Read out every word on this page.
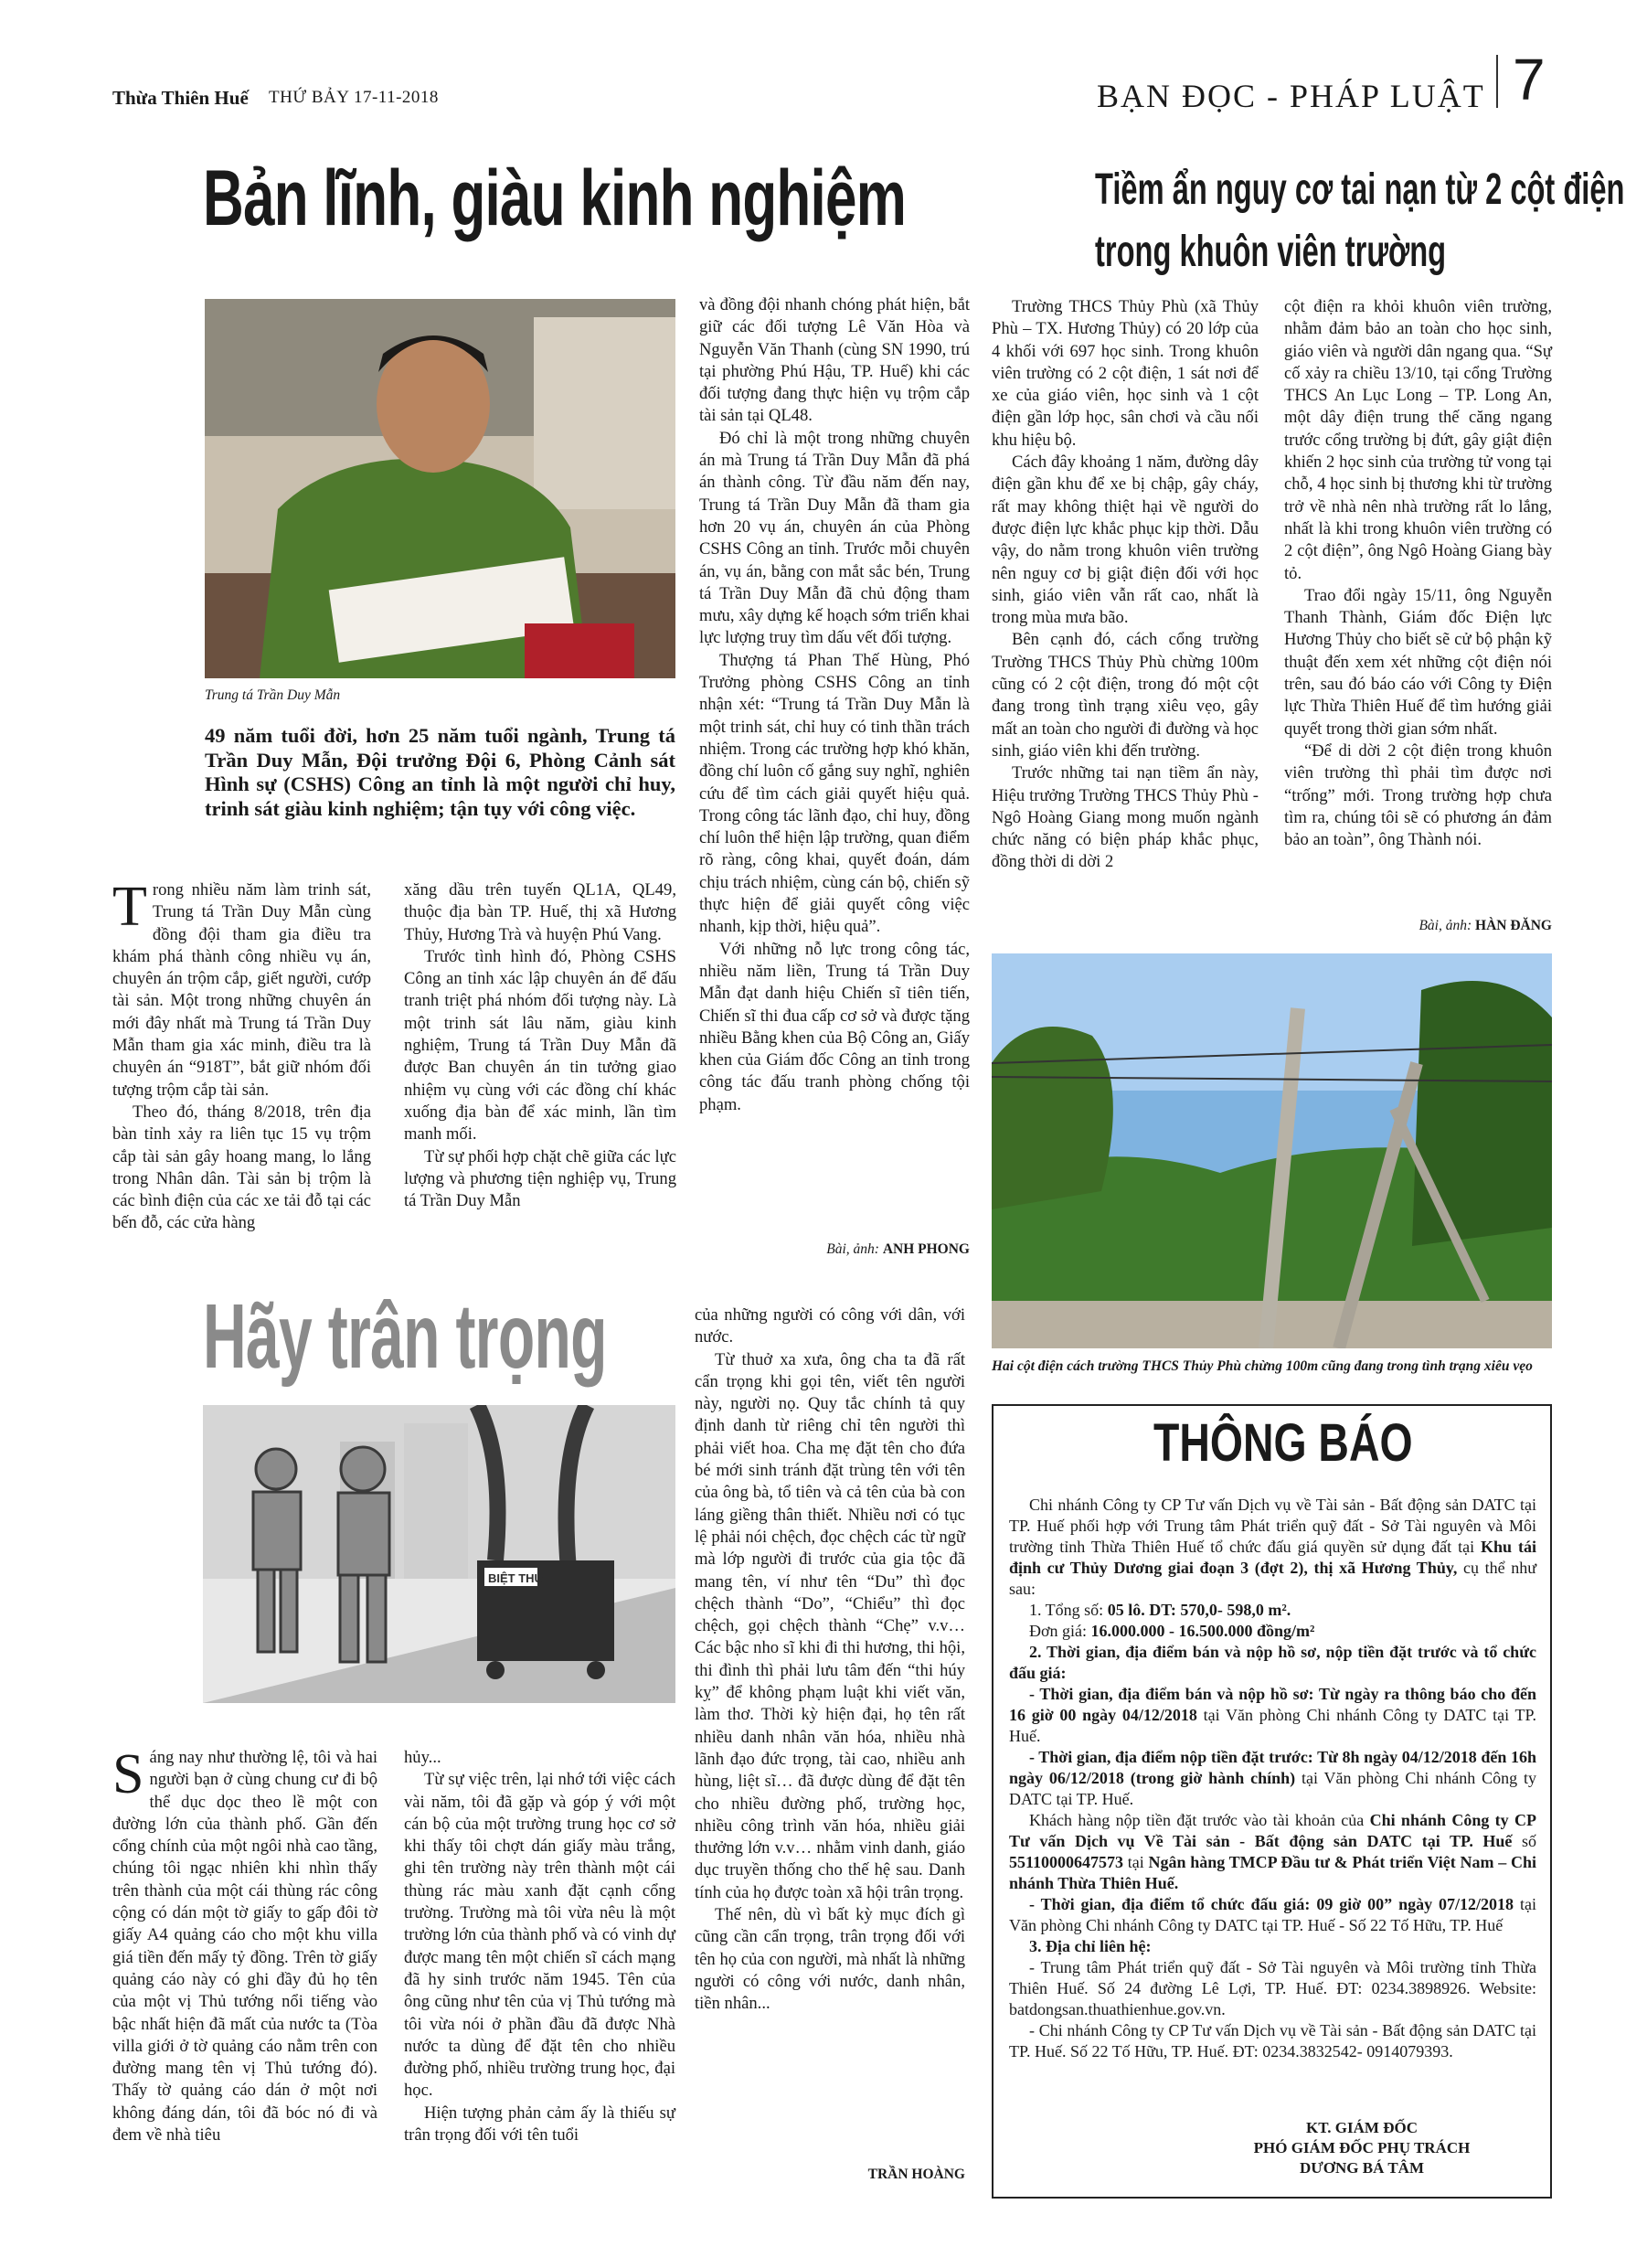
Thừa Thiên Huế THỨ BẢY 17-11-2018	BẠN ĐỌC - PHÁP LUẬT 7
Bản lĩnh, giàu kinh nghiệm
Trung tá Trần Duy Mẫn
49 năm tuổi đời, hơn 25 năm tuổi ngành, Trung tá Trần Duy Mẫn, Đội trưởng Đội 6, Phòng Cảnh sát Hình sự (CSHS) Công an tỉnh là một người chỉ huy, trinh sát giàu kinh nghiệm; tận tụy với công việc.

Trong nhiều năm làm trinh sát, Trung tá Trần Duy Mẫn cùng đồng đội tham gia điều tra khám phá thành công nhiều vụ án, chuyên án trộm cắp, giết người, cướp tài sản. Một trong những chuyên án mới đây nhất mà Trung tá Trần Duy Mẫn tham gia xác minh, điều tra là chuyên án “918T”, bắt giữ nhóm đối tượng trộm cắp tài sản.

Theo đó, tháng 8/2018, trên địa bàn tỉnh xảy ra liên tục 15 vụ trộm cắp tài sản gây hoang mang, lo lắng trong Nhân dân. Tài sản bị trộm là các bình điện của các xe tải đỗ tại các bến đỗ, các cửa hàng

xăng dầu trên tuyến QL1A, QL49, thuộc địa bàn TP. Huế, thị xã Hương Thủy, Hương Trà và huyện Phú Vang.

Trước tình hình đó, Phòng CSHS Công an tỉnh xác lập chuyên án để đấu tranh triệt phá nhóm đối tượng này. Là một trinh sát lâu năm, giàu kinh nghiệm, Trung tá Trần Duy Mẫn đã được Ban chuyên án tin tưởng giao nhiệm vụ cùng với các đồng chí khác xuống địa bàn để xác minh, lần tìm manh mối.

Từ sự phối hợp chặt chẽ giữa các lực lượng và phương tiện nghiệp vụ, Trung tá Trần Duy Mẫn

và đồng đội nhanh chóng phát hiện, bắt giữ các đối tượng Lê Văn Hòa và Nguyễn Văn Thanh (cùng SN 1990, trú tại phường Phú Hậu, TP. Huế) khi các đối tượng đang thực hiện vụ trộm cắp tài sản tại QL48.

Đó chỉ là một trong những chuyên án mà Trung tá Trần Duy Mẫn đã phá án thành công. Từ đầu năm đến nay, Trung tá Trần Duy Mẫn đã tham gia hơn 20 vụ án, chuyên án của Phòng CSHS Công an tỉnh. Trước mỗi chuyên án, vụ án, bằng con mắt sắc bén, Trung tá Trần Duy Mẫn đã chủ động tham mưu, xây dựng kế hoạch sớm triển khai lực lượng truy tìm dấu vết đối tượng.

Thượng tá Phan Thế Hùng, Phó Trưởng phòng CSHS Công an tỉnh nhận xét: “Trung tá Trần Duy Mẫn là một trinh sát, chỉ huy có tinh thần trách nhiệm. Trong các trường hợp khó khăn, đồng chí luôn cố gắng suy nghĩ, nghiên cứu để tìm cách giải quyết hiệu quả. Trong công tác lãnh đạo, chỉ huy, đồng chí luôn thể hiện lập trường, quan điểm rõ ràng, công khai, quyết đoán, dám chịu trách nhiệm, cùng cán bộ, chiến sỹ thực hiện để giải quyết công việc nhanh, kịp thời, hiệu quả”.

Với những nỗ lực trong công tác, nhiều năm liền, Trung tá Trần Duy Mẫn đạt danh hiệu Chiến sĩ tiên tiến, Chiến sĩ thi đua cấp cơ sở và được tặng nhiều Bằng khen của Bộ Công an, Giấy khen của Giám đốc Công an tỉnh trong công tác đấu tranh phòng chống tội phạm.

Bài, ảnh: ANH PHONG
Tiềm ẩn nguy cơ tai nạn từ 2 cột điện
trong khuôn viên trường

Trường THCS Thủy Phù (xã Thủy Phù – TX. Hương Thủy) có 20 lớp của 4 khối với 697 học sinh. Trong khuôn viên trường có 2 cột điện, 1 sát nơi để xe của giáo viên, học sinh và 1 cột điện gần lớp học, sân chơi và cầu nối khu hiệu bộ.

Cách đây khoảng 1 năm, đường dây điện gần khu để xe bị chập, gây cháy, rất may không thiệt hại về người do được điện lực khắc phục kịp thời. Dẫu vậy, do nằm trong khuôn viên trường nên nguy cơ bị giật điện đối với học sinh, giáo viên vẫn rất cao, nhất là trong mùa mưa bão.

Bên cạnh đó, cách cổng trường Trường THCS Thủy Phù chừng 100m cũng có 2 cột điện, trong đó một cột đang trong tình trạng xiêu vẹo, gây mất an toàn cho người đi đường và học sinh, giáo viên khi đến trường.

Trước những tai nạn tiềm ẩn này, Hiệu trưởng Trường THCS Thủy Phù - Ngô Hoàng Giang mong muốn ngành chức năng có biện pháp khắc phục, đồng thời di dời 2

cột điện ra khỏi khuôn viên trường, nhằm đảm bảo an toàn cho học sinh, giáo viên và người dân ngang qua. “Sự cố xảy ra chiều 13/10, tại cổng Trường THCS An Lục Long – TP. Long An, một dây điện trung thế căng ngang trước cổng trường bị đứt, gây giật điện khiến 2 học sinh của trường tử vong tại chỗ, 4 học sinh bị thương khi từ trường trở về nhà nên nhà trường rất lo lắng, nhất là khi trong khuôn viên trường có 2 cột điện”, ông Ngô Hoàng Giang bày tỏ.

Trao đổi ngày 15/11, ông Nguyễn Thanh Thành, Giám đốc Điện lực Hương Thủy cho biết sẽ cử bộ phận kỹ thuật đến xem xét những cột điện nói trên, sau đó báo cáo với Công ty Điện lực Thừa Thiên Huế để tìm hướng giải quyết trong thời gian sớm nhất.

“Để di dời 2 cột điện trong khuôn viên trường thì phải tìm được nơi “trống” mới. Trong trường hợp chưa tìm ra, chúng tôi sẽ có phương án đảm bảo an toàn”, ông Thành nói.

Bài, ảnh: HÀN ĐĂNG
Hai cột điện cách trường THCS Thủy Phù chừng 100m cũng đang trong tình trạng xiêu vẹo
Hãy trân trọng
BIỆT THỰ

Sáng nay như thường lệ, tôi và hai người bạn ở cùng chung cư đi bộ thể dục dọc theo lề một con đường lớn của thành phố. Gần đến cổng chính của một ngôi nhà cao tầng, chúng tôi ngạc nhiên khi nhìn thấy trên thành của một cái thùng rác công cộng có dán một tờ giấy to gấp đôi tờ giấy A4 quảng cáo cho một khu villa giá tiền đến mấy tỷ đồng. Trên tờ giấy quảng cáo này có ghi đầy đủ họ tên của một vị Thủ tướng nổi tiếng vào bậc nhất hiện đã mất của nước ta (Tòa villa giới ở tờ quảng cáo nằm trên con đường mang tên vị Thủ tướng đó). Thấy tờ quảng cáo dán ở một nơi không đáng dán, tôi đã bóc nó đi và đem về nhà tiêu

hủy...

Từ sự việc trên, lại nhớ tới việc cách vài năm, tôi đã gặp và góp ý với một cán bộ của một trường trung học cơ sở khi thấy tôi chợt dán giấy màu trắng, ghi tên trường này trên thành một cái thùng rác màu xanh đặt cạnh cổng trường. Trường mà tôi vừa nêu là một trường lớn của thành phố và có vinh dự được mang tên một chiến sĩ cách mạng đã hy sinh trước năm 1945. Tên của ông cũng như tên của vị Thủ tướng mà tôi vừa nói ở phần đầu đã được Nhà nước ta dùng để đặt tên cho nhiều đường phố, nhiều trường trung học, đại học.

Hiện tượng phản cảm ấy là thiếu sự trân trọng đối với tên tuổi

của những người có công với dân, với nước.

Từ thuở xa xưa, ông cha ta đã rất cẩn trọng khi gọi tên, viết tên người này, người nọ. Quy tắc chính tả quy định danh từ riêng chỉ tên người thì phải viết hoa. Cha mẹ đặt tên cho đứa bé mới sinh tránh đặt trùng tên với tên của ông bà, tổ tiên và cả tên của bà con láng giềng thân thiết. Nhiều nơi có tục lệ phải nói chệch, đọc chệch các từ ngữ mà lớp người đi trước của gia tộc đã mang tên, ví như tên “Du” thì đọc chệch thành “Do”, “Chiểu” thì đọc chệch, gọi chệch thành “Chẹ” v.v… Các bậc nho sĩ khi đi thi hương, thi hội, thi đình thì phải lưu tâm đến “thi húy kỵ” để không phạm luật khi viết văn, làm thơ. Thời kỳ hiện đại, họ tên rất nhiều danh nhân văn hóa, nhiều nhà lãnh đạo đức trọng, tài cao, nhiều anh hùng, liệt sĩ… đã được dùng để đặt tên cho nhiều đường phố, trường học, nhiều công trình văn hóa, nhiều giải thưởng lớn v.v… nhằm vinh danh, giáo dục truyền thống cho thế hệ sau. Danh tính của họ được toàn xã hội trân trọng.

Thế nên, dù vì bất kỳ mục đích gì cũng cần cẩn trọng, trân trọng đối với tên họ của con người, mà nhất là những người có công với nước, danh nhân, tiền nhân...

TRẦN HOÀNG
THÔNG BÁO

Chi nhánh Công ty CP Tư vấn Dịch vụ về Tài sản - Bất động sản DATC tại TP. Huế phối hợp với Trung tâm Phát triển quỹ đất - Sở Tài nguyên và Môi trường tỉnh Thừa Thiên Huế tổ chức đấu giá quyền sử dụng đất tại Khu tái định cư Thủy Dương giai đoạn 3 (đợt 2), thị xã Hương Thủy, cụ thể như sau:

1. Tổng số: 05 lô. DT: 570,0- 598,0 m².

Đơn giá: 16.000.000 - 16.500.000 đồng/m²

2. Thời gian, địa điểm bán và nộp hồ sơ, nộp tiền đặt trước và tổ chức đấu giá:

- Thời gian, địa điểm bán và nộp hồ sơ: Từ ngày ra thông báo cho đến 16 giờ 00 ngày 04/12/2018 tại Văn phòng Chi nhánh Công ty DATC tại TP. Huế.

- Thời gian, địa điểm nộp tiền đặt trước: Từ 8h ngày 04/12/2018 đến 16h ngày 06/12/2018 (trong giờ hành chính) tại Văn phòng Chi nhánh Công ty DATC tại TP. Huế.

Khách hàng nộp tiền đặt trước vào tài khoản của Chi nhánh Công ty CP Tư vấn Dịch vụ Về Tài sản - Bất động sản DATC tại TP. Huế số 55110000647573 tại Ngân hàng TMCP Đầu tư & Phát triển Việt Nam – Chi nhánh Thừa Thiên Huế.

- Thời gian, địa điểm tổ chức đấu giá: 09 giờ 00” ngày 07/12/2018 tại Văn phòng Chi nhánh Công ty DATC tại TP. Huế - Số 22 Tố Hữu, TP. Huế

3. Địa chỉ liên hệ:

- Trung tâm Phát triển quỹ đất - Sở Tài nguyên và Môi trường tỉnh Thừa Thiên Huế. Số 24 đường Lê Lợi, TP. Huế. ĐT: 0234.3898926. Website: batdongsan.thuathienhue.gov.vn.

- Chi nhánh Công ty CP Tư vấn Dịch vụ về Tài sản - Bất động sản DATC tại TP. Huế. Số 22 Tố Hữu, TP. Huế. ĐT: 0234.3832542- 0914079393.

KT. GIÁM ĐỐC
PHÓ GIÁM ĐỐC PHỤ TRÁCH
DƯƠNG BÁ TÂM
